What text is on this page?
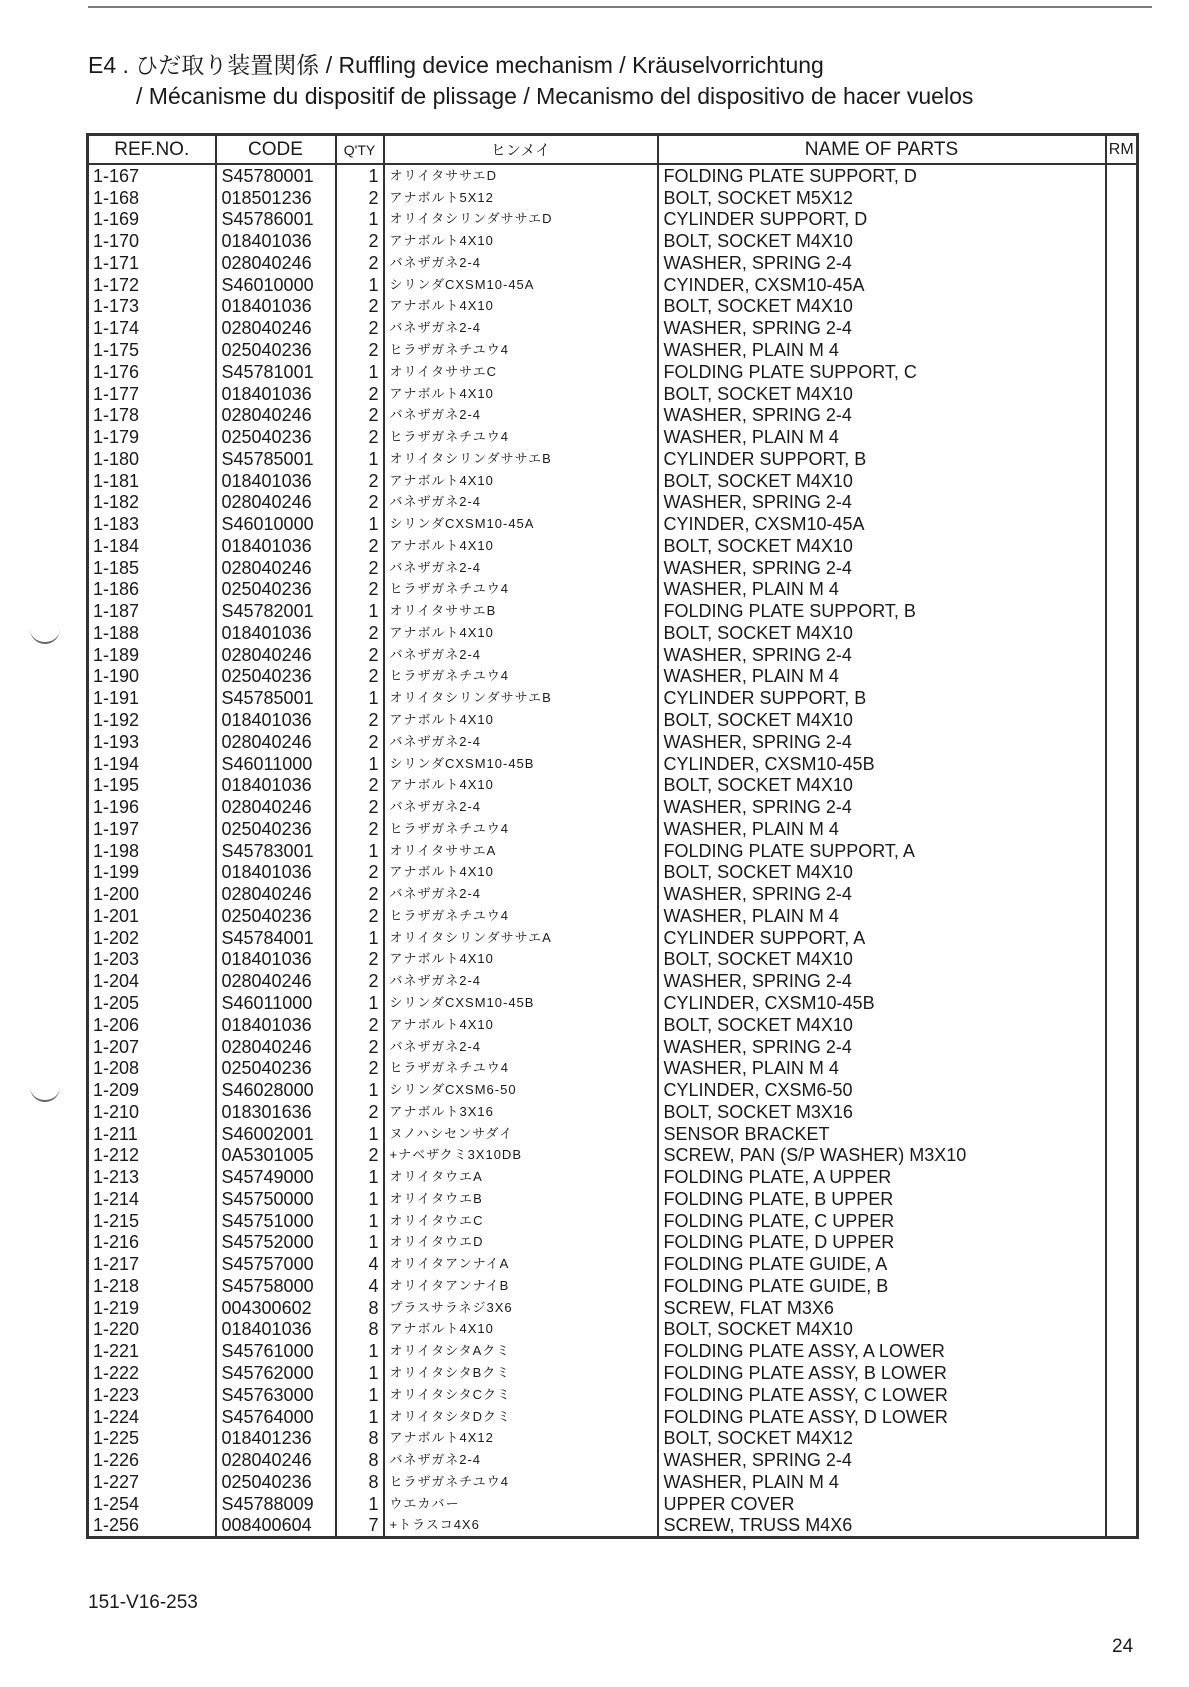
E4 . ひだ取り装置関係 / Ruffling device mechanism / Kräuselvorrichtung
/ Mécanisme du dispositif de plissage / Mecanismo del dispositivo de hacer vuelos
REF.NO.	CODE	Q'TY	ヒンメイ	NAME OF PARTS	RM
1-167	S45780001	1	オリイタササエD	FOLDING PLATE SUPPORT, D	
1-168	018501236	2	アナボルト5X12	BOLT, SOCKET M5X12	
1-169	S45786001	1	オリイタシリンダササエD	CYLINDER SUPPORT, D	
1-170	018401036	2	アナボルト4X10	BOLT, SOCKET M4X10	
1-171	028040246	2	バネザガネ2-4	WASHER, SPRING 2-4	
1-172	S46010000	1	シリンダCXSM10-45A	CYINDER, CXSM10-45A	
1-173	018401036	2	アナボルト4X10	BOLT, SOCKET M4X10	
1-174	028040246	2	バネザガネ2-4	WASHER, SPRING 2-4	
1-175	025040236	2	ヒラザガネチユウ4	WASHER, PLAIN M 4	
1-176	S45781001	1	オリイタササエC	FOLDING PLATE SUPPORT, C	
1-177	018401036	2	アナボルト4X10	BOLT, SOCKET M4X10	
1-178	028040246	2	バネザガネ2-4	WASHER, SPRING 2-4	
1-179	025040236	2	ヒラザガネチユウ4	WASHER, PLAIN M 4	
1-180	S45785001	1	オリイタシリンダササエB	CYLINDER SUPPORT, B	
1-181	018401036	2	アナボルト4X10	BOLT, SOCKET M4X10	
1-182	028040246	2	バネザガネ2-4	WASHER, SPRING 2-4	
1-183	S46010000	1	シリンダCXSM10-45A	CYINDER, CXSM10-45A	
1-184	018401036	2	アナボルト4X10	BOLT, SOCKET M4X10	
1-185	028040246	2	バネザガネ2-4	WASHER, SPRING 2-4	
1-186	025040236	2	ヒラザガネチユウ4	WASHER, PLAIN M 4	
1-187	S45782001	1	オリイタササエB	FOLDING PLATE SUPPORT, B	
1-188	018401036	2	アナボルト4X10	BOLT, SOCKET M4X10	
1-189	028040246	2	バネザガネ2-4	WASHER, SPRING 2-4	
1-190	025040236	2	ヒラザガネチユウ4	WASHER, PLAIN M 4	
1-191	S45785001	1	オリイタシリンダササエB	CYLINDER SUPPORT, B	
1-192	018401036	2	アナボルト4X10	BOLT, SOCKET M4X10	
1-193	028040246	2	バネザガネ2-4	WASHER, SPRING 2-4	
1-194	S46011000	1	シリンダCXSM10-45B	CYLINDER, CXSM10-45B	
1-195	018401036	2	アナボルト4X10	BOLT, SOCKET M4X10	
1-196	028040246	2	バネザガネ2-4	WASHER, SPRING 2-4	
1-197	025040236	2	ヒラザガネチユウ4	WASHER, PLAIN M 4	
1-198	S45783001	1	オリイタササエA	FOLDING PLATE SUPPORT, A	
1-199	018401036	2	アナボルト4X10	BOLT, SOCKET M4X10	
1-200	028040246	2	バネザガネ2-4	WASHER, SPRING 2-4	
1-201	025040236	2	ヒラザガネチユウ4	WASHER, PLAIN M 4	
1-202	S45784001	1	オリイタシリンダササエA	CYLINDER SUPPORT, A	
1-203	018401036	2	アナボルト4X10	BOLT, SOCKET M4X10	
1-204	028040246	2	バネザガネ2-4	WASHER, SPRING 2-4	
1-205	S46011000	1	シリンダCXSM10-45B	CYLINDER, CXSM10-45B	
1-206	018401036	2	アナボルト4X10	BOLT, SOCKET M4X10	
1-207	028040246	2	バネザガネ2-4	WASHER, SPRING 2-4	
1-208	025040236	2	ヒラザガネチユウ4	WASHER, PLAIN M 4	
1-209	S46028000	1	シリンダCXSM6-50	CYLINDER, CXSM6-50	
1-210	018301636	2	アナボルト3X16	BOLT, SOCKET M3X16	
1-211	S46002001	1	ヌノハシセンサダイ	SENSOR BRACKET	
1-212	0A5301005	2	+ナベザクミ3X10DB	SCREW, PAN (S/P WASHER) M3X10	
1-213	S45749000	1	オリイタウエA	FOLDING PLATE, A UPPER	
1-214	S45750000	1	オリイタウエB	FOLDING PLATE, B UPPER	
1-215	S45751000	1	オリイタウエC	FOLDING PLATE, C UPPER	
1-216	S45752000	1	オリイタウエD	FOLDING PLATE, D UPPER	
1-217	S45757000	4	オリイタアンナイA	FOLDING PLATE GUIDE, A	
1-218	S45758000	4	オリイタアンナイB	FOLDING PLATE GUIDE, B	
1-219	004300602	8	プラスサラネジ3X6	SCREW, FLAT M3X6	
1-220	018401036	8	アナボルト4X10	BOLT, SOCKET M4X10	
1-221	S45761000	1	オリイタシタAクミ	FOLDING PLATE ASSY, A LOWER	
1-222	S45762000	1	オリイタシタBクミ	FOLDING PLATE ASSY, B LOWER	
1-223	S45763000	1	オリイタシタCクミ	FOLDING PLATE ASSY, C LOWER	
1-224	S45764000	1	オリイタシタDクミ	FOLDING PLATE ASSY, D LOWER	
1-225	018401236	8	アナボルト4X12	BOLT, SOCKET M4X12	
1-226	028040246	8	バネザガネ2-4	WASHER, SPRING 2-4	
1-227	025040236	8	ヒラザガネチユウ4	WASHER, PLAIN M 4	
1-254	S45788009	1	ウエカバー	UPPER COVER	
1-256	008400604	7	+トラスコ4X6	SCREW, TRUSS M4X6	
151-V16-253
24
